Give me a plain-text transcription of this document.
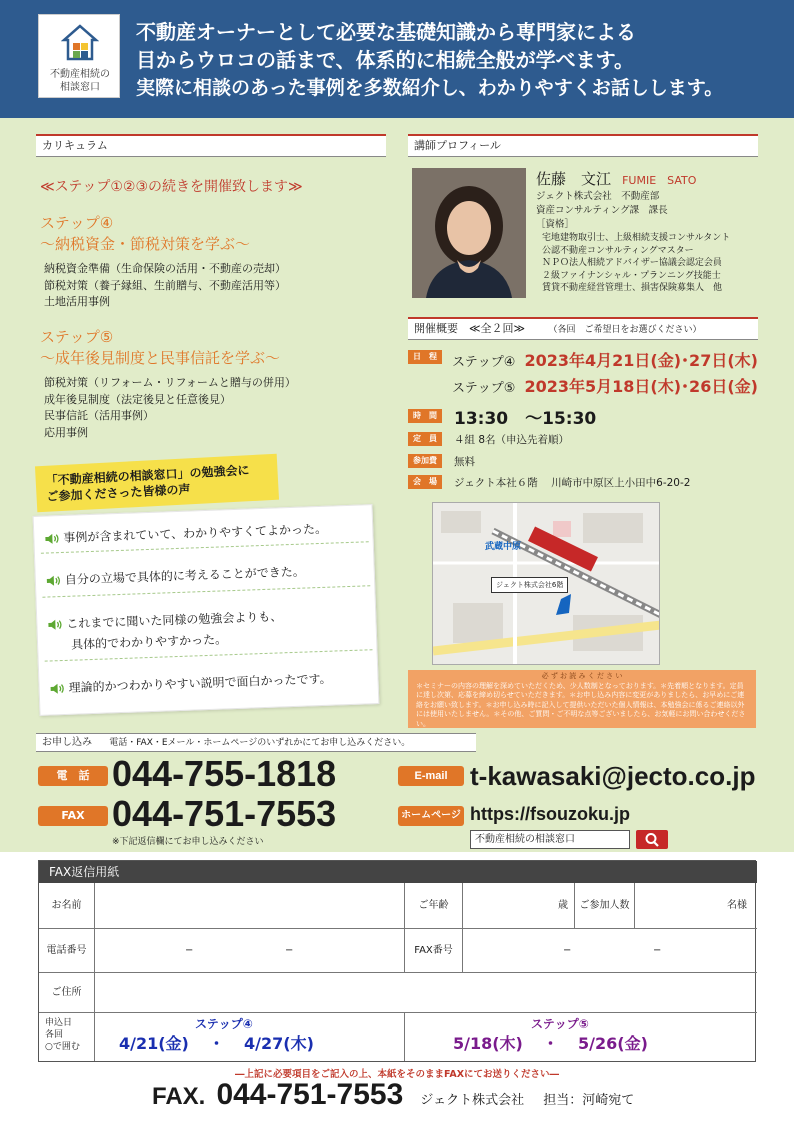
不動産相続の
相談窓口
不動産オーナーとして必要な基礎知識から専門家による
目からウロコの話まで、体系的に相続全般が学べます。
実際に相談のあった事例を多数紹介し、わかりやすくお話しします。
カリキュラム
≪ステップ①②③の続きを開催致します≫
ステップ④
～納税資金・節税対策を学ぶ～
納税資金準備（生命保険の活用・不動産の売却）
節税対策（養子縁組、生前贈与、不動産活用等）
土地活用事例
ステップ⑤
～成年後見制度と民事信託を学ぶ～
節税対策（リフォーム・リフォームと贈与の併用）
成年後見制度（法定後見と任意後見）
民事信託（活用事例）
応用事例
事例が含まれていて、わかりやすくてよかった。
自分の立場で具体的に考えることができた。
これまでに聞いた同様の勉強会よりも、
具体的でわかりやすかった。
理論的かつわかりやすい説明で面白かったです。
「不動産相続の相談窓口」の勉強会に
ご参加くださった皆様の声
講師プロフィール
佐藤　文江 FUMIE　SATO
ジェクト株式会社　不動産部
資産コンサルティング課　課長
［資格］
宅地建物取引士、上級相続支援コンサルタント
公認不動産コンサルティングマスター
ＮＰＯ法人相続アドバイザー協議会認定会員
２級ファイナンシャル・プランニング技能士
賃貸不動産経営管理士、損害保険募集人　他
開催概要　≪全２回≫	（各回　ご希望日をお選びください）
日　程	ステップ④ 2023年4月21日(金)･27日(木)
ステップ⑤ 2023年5月18日(木)･26日(金)
時　間 13:30　～15:30
定　員	４組 8名（申込先着順）
参加費	無料
会　場	ジェクト本社６階 川崎市中原区上小田中6-20-2
武蔵中原
ジェクト株式会社6階
必 ず お 読 み く だ さ い
＊セミナーの内容の理解を深めていただくため、少人数制となっております。＊先着順となります。定員に達し次第、応募を締め切らせていただきます。＊お申し込み内容に変更がありましたら、お早めにご連絡をお願い致します。＊お申し込み時に記入して提供いただいた個人情報は、本勉強会に係るご連絡以外には使用いたしません。＊その他、ご質問・ご不明な点等ございましたら、お気軽にお問い合わせください。
お申し込み 電話・FAX・Eメール・ホームページのいずれかにてお申し込みください。
電　話 044-755-1818
FAX 044-751-7553
※下記返信欄にてお申し込みください
E-mail t-kawasaki@jecto.co.jp
ホームページ https://fsouzoku.jp
不動産相続の相談窓口
FAX返信用紙
お名前	ご年齢	歳	ご参加人数	名様
電話番号	−	−	FAX番号	−	−
ご住所
申込日
各回
○で囲む
ステップ④
4/21(金) ・ 4/27(木)
ステップ⑤
5/18(木) ・ 5/26(金)
―上記に必要項目をご記入の上、本紙をそのままFAXにてお送りください―
FAX. 044-751-7553 ジェクト株式会社 担当：河崎宛て
